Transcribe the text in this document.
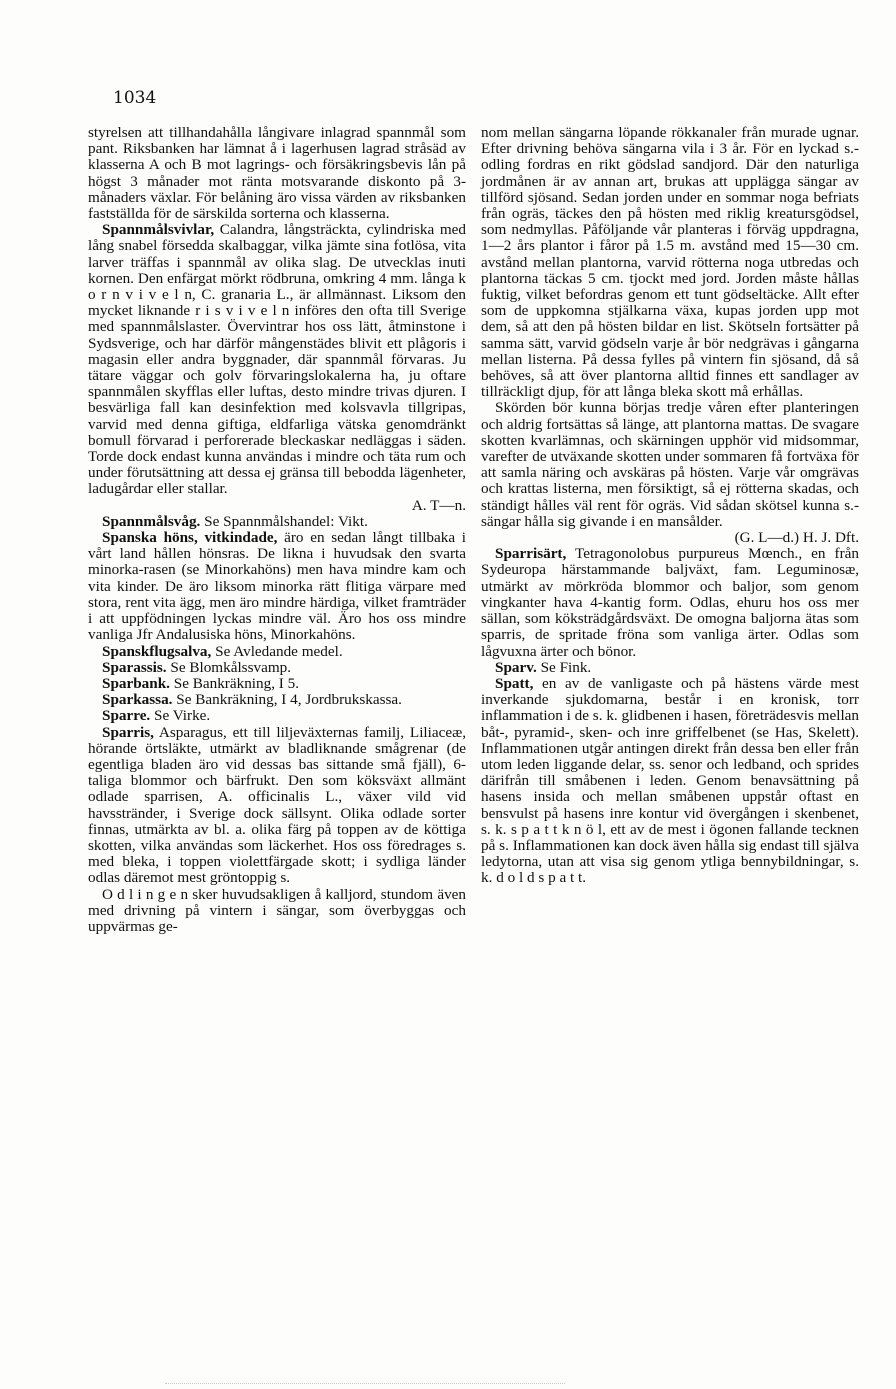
1034

styrelsen att tillhandahålla långivare inlagrad spannmål som pant. Riksbanken har lämnat å i lagerhusen lagrad stråsäd av klasserna A och B mot lagrings- och försäkringsbevis lån på högst 3 månader mot ränta motsvarande diskonto på 3-månaders växlar. För belåning äro vissa värden av riksbanken fastställda för de särskilda sorterna och klasserna.

Spannmålsvivlar, Calandra, långsträckta, cylindriska med lång snabel försedda skalbaggar, vilka jämte sina fotlösa, vita larver träffas i spannmål av olika slag. De utvecklas inuti kornen. Den enfärgat mörkt rödbruna, omkring 4 mm. långa k o r n v i v e l n, C. granaria L., är allmännast. Liksom den mycket liknande r i s v i v e l n införes den ofta till Sverige med spannmålslaster. Övervintrar hos oss lätt, åtminstone i Sydsverige, och har därför mångenstädes blivit ett plågoris i magasin eller andra byggnader, där spannmål förvaras. Ju tätare väggar och golv förvaringslokalerna ha, ju oftare spannmålen skyfflas eller luftas, desto mindre trivas djuren. I besvärliga fall kan desinfektion med kolsvavla tillgripas, varvid med denna giftiga, eldfarliga vätska genomdränkt bomull förvarad i perforerade bleckaskar nedläggas i säden. Torde dock endast kunna användas i mindre och täta rum och under förutsättning att dessa ej gränsa till bebodda lägenheter, ladugårdar eller stallar.
A. T—n.

Spannmålsvåg. Se Spannmålshandel: Vikt.

Spanska höns, vitkindade, äro en sedan långt tillbaka i vårt land hållen hönsras. De likna i huvudsak den svarta minorka-rasen (se Minorkahöns) men hava mindre kam och vita kinder. De äro liksom minorka rätt flitiga värpare med stora, rent vita ägg, men äro mindre härdiga, vilket framträder i att uppfödningen lyckas mindre väl. Äro hos oss mindre vanliga Jfr Andalusiska höns, Minorkahöns.

Spanskflugsalva, Se Avledande medel.

Sparassis. Se Blomkålssvamp.

Sparbank. Se Bankräkning, I 5.

Sparkassa. Se Bankräkning, I 4, Jordbrukskassa.

Sparre. Se Virke.

Sparris, Asparagus, ett till liljeväxternas familj, Liliaceæ, hörande örtsläkte, utmärkt av bladliknande smågrenar (de egentliga bladen äro vid dessas bas sittande små fjäll), 6-taliga blommor och bärfrukt. Den som köksväxt allmänt odlade sparrisen, A. officinalis L., växer vild vid havsstränder, i Sverige dock sällsynt. Olika odlade sorter finnas, utmärkta av bl. a. olika färg på toppen av de köttiga skotten, vilka användas som läckerhet. Hos oss föredrages s. med bleka, i toppen violettfärgade skott; i sydliga länder odlas däremot mest gröntoppig s.

O d l i n g e n sker huvudsakligen å kalljord, stundom även med drivning på vintern i sängar, som överbyggas och uppvärmas ge-

nom mellan sängarna löpande rökkanaler från murade ugnar. Efter drivning behöva sängarna vila i 3 år. För en lyckad s.-odling fordras en rikt gödslad sandjord. Där den naturliga jordmånen är av annan art, brukas att upplägga sängar av tillförd sjösand. Sedan jorden under en sommar noga befriats från ogräs, täckes den på hösten med riklig kreatursgödsel, som nedmyllas. Påföljande vår planteras i förväg uppdragna, 1—2 års plantor i fåror på 1.5 m. avstånd med 15—30 cm. avstånd mellan plantorna, varvid rötterna noga utbredas och plantorna täckas 5 cm. tjockt med jord. Jorden måste hållas fuktig, vilket befordras genom ett tunt gödseltäcke. Allt efter som de uppkomna stjälkarna växa, kupas jorden upp mot dem, så att den på hösten bildar en list. Skötseln fortsätter på samma sätt, varvid gödseln varje år bör nedgrävas i gångarna mellan listerna. På dessa fylles på vintern fin sjösand, då så behöves, så att över plantorna alltid finnes ett sandlager av tillräckligt djup, för att långa bleka skott må erhållas.

Skörden bör kunna börjas tredje våren efter planteringen och aldrig fortsättas så länge, att plantorna mattas. De svagare skotten kvarlämnas, och skärningen upphör vid midsommar, varefter de utväxande skotten under sommaren få fortväxa för att samla näring och avskäras på hösten. Varje vår omgrävas och krattas listerna, men försiktigt, så ej rötterna skadas, och ständigt hålles väl rent för ogräs. Vid sådan skötsel kunna s.-sängar hålla sig givande i en mansålder.
(G. L—d.) H. J. Dft.

Sparrisärt, Tetragonolobus purpureus Mœnch., en från Sydeuropa härstammande baljväxt, fam. Leguminosæ, utmärkt av mörkröda blommor och baljor, som genom vingkanter hava 4-kantig form. Odlas, ehuru hos oss mer sällan, som köksträdgårdsväxt. De omogna baljorna ätas som sparris, de spritade fröna som vanliga ärter. Odlas som lågvuxna ärter och bönor.

Sparv. Se Fink.

Spatt, en av de vanligaste och på hästens värde mest inverkande sjukdomarna, består i en kronisk, torr inflammation i de s. k. glidbenen i hasen, företrädesvis mellan båt-, pyramid-, sken- och inre griffelbenet (se Has, Skelett). Inflammationen utgår antingen direkt från dessa ben eller från utom leden liggande delar, ss. senor och ledband, och sprides därifrån till småbenen i leden. Genom benavsättning på hasens insida och mellan småbenen uppstår oftast en bensvulst på hasens inre kontur vid övergången i skenbenet, s. k. s p a t t k n ö l, ett av de mest i ögonen fallande tecknen på s. Inflammationen kan dock även hålla sig endast till själva ledytorna, utan att visa sig genom ytliga bennybildningar, s. k. d o l d s p a t t.
